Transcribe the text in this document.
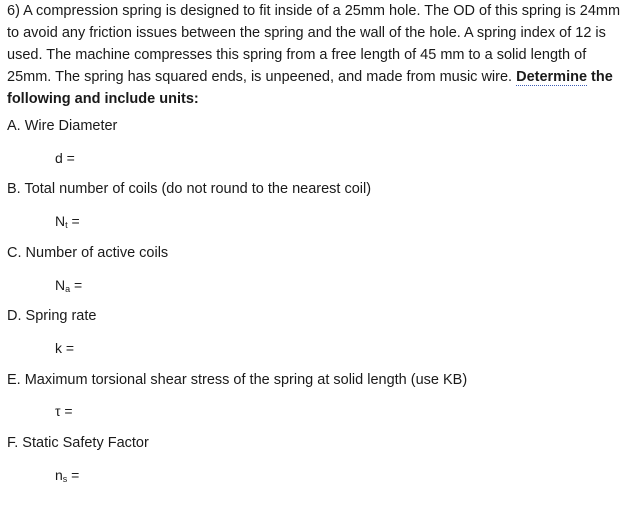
6) A compression spring is designed to fit inside of a 25mm hole. The OD of this spring is 24mm to avoid any friction issues between the spring and the wall of the hole. A spring index of 12 is used. The machine compresses this spring from a free length of 45 mm to a solid length of 25mm. The spring has squared ends, is unpeened, and made from music wire. Determine the following and include units:

A. Wire Diameter
d =
B. Total number of coils (do not round to the nearest coil)
$N_t$ =
C. Number of active coils
$N_a$ =
D. Spring rate
k =
E. Maximum torsional shear stress of the spring at solid length (use KB)
τ =
F. Static Safety Factor
$n_s$ =
